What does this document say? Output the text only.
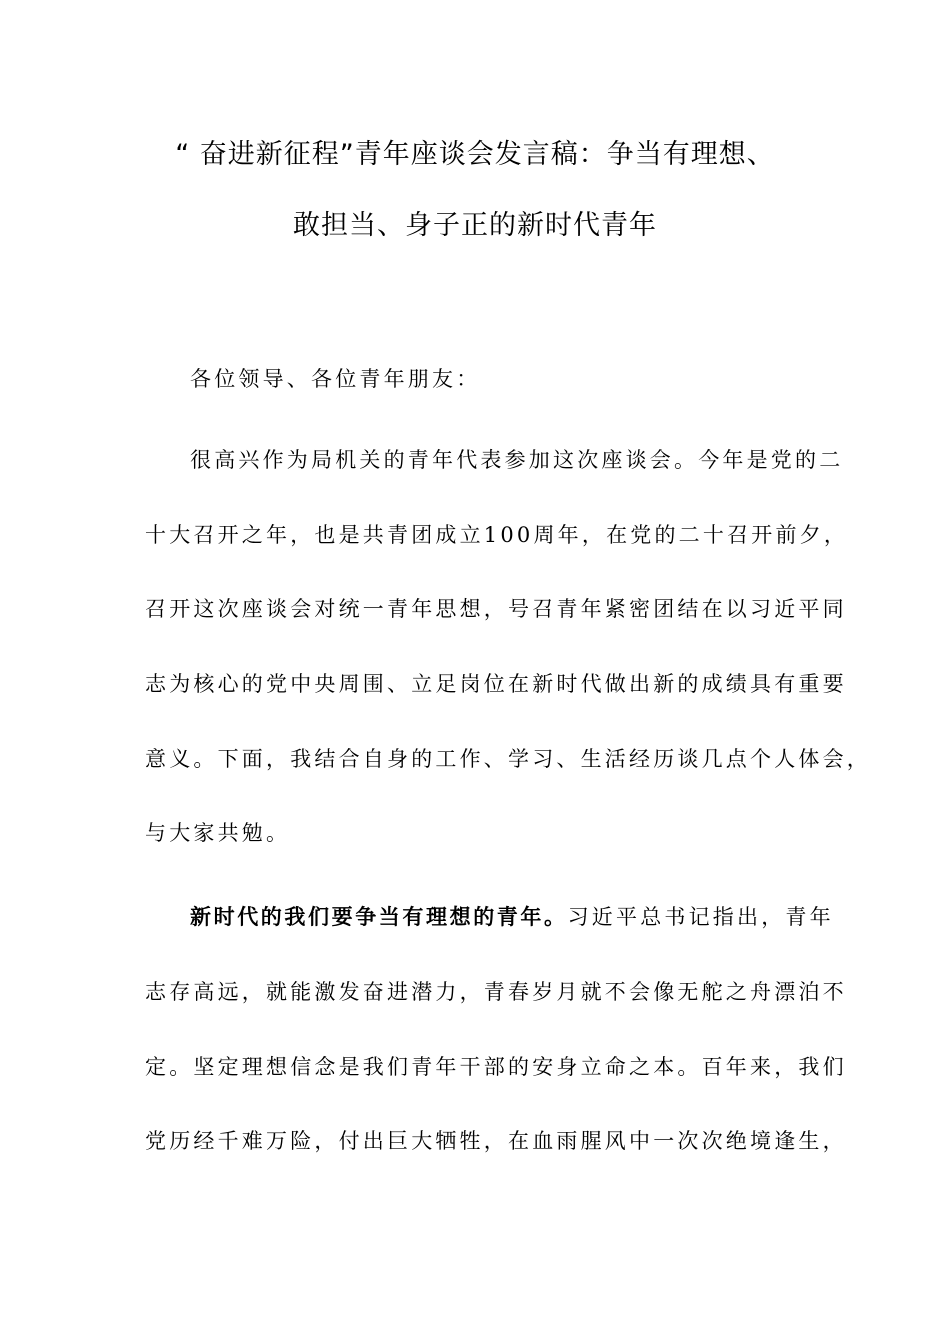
“ 奋进新征程”青年座谈会发言稿：争当有理想、
敢担当、身子正的新时代青年
各位领导、各位青年朋友：
很高兴作为局机关的青年代表参加这次座谈会。今年是党的二
十大召开之年，也是共青团成立100周年，在党的二十召开前夕，
召开这次座谈会对统一青年思想，号召青年紧密团结在以习近平同
志为核心的党中央周围、立足岗位在新时代做出新的成绩具有重要
意义。下面，我结合自身的工作、学习、生活经历谈几点个人体会，
与大家共勉。
新时代的我们要争当有理想的青年。习近平总书记指出，青年
志存高远，就能激发奋进潜力，青春岁月就不会像无舵之舟漂泊不
定。坚定理想信念是我们青年干部的安身立命之本。百年来，我们
党历经千难万险，付出巨大牺牲，在血雨腥风中一次次绝境逢生，
